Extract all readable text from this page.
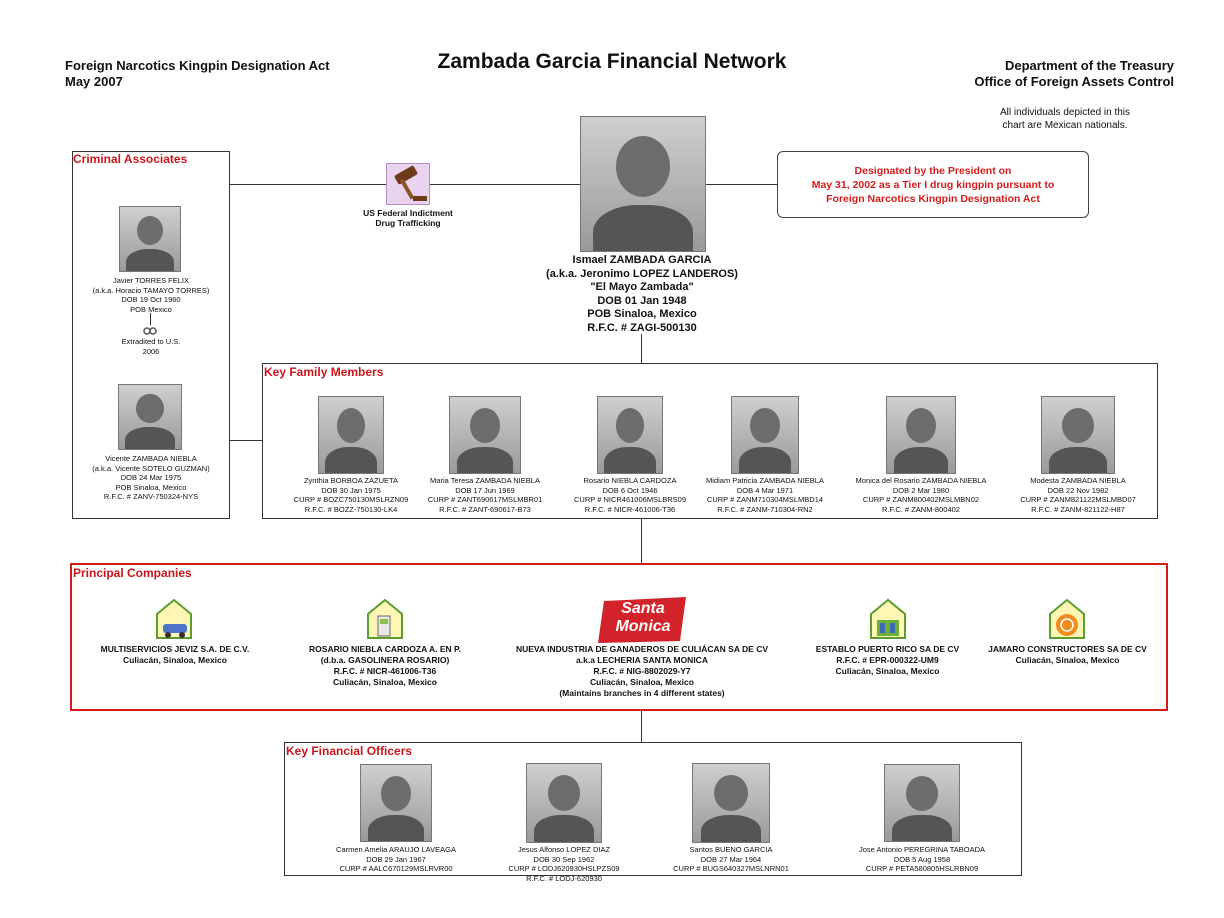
Foreign Narcotics Kingpin Designation Act
May 2007
Zambada Garcia Financial Network	Department of the Treasury
Office of Foreign Assets Control
All individuals depicted in this
chart are Mexican nationals.
Ismael ZAMBADA GARCIA
(a.k.a. Jeronimo LOPEZ LANDEROS)
"El Mayo Zambada"
DOB 01 Jan 1948
POB Sinaloa, Mexico
R.F.C. # ZAGI-500130
US Federal Indictment
Drug Trafficking
Designated by the President on
May 31, 2002 as a Tier I drug kingpin pursuant to
Foreign Narcotics Kingpin Designation Act
Criminal Associates
Javier TORRES FELIX
(a.k.a. Horacio TAMAYO TORRES)
DOB 19 Oct 1960
POB Mexico
Extradited to U.S.
2006
Vicente ZAMBADA NIEBLA
(a.k.a. Vicente SOTELO GUZMAN)
DOB 24 Mar 1975
POB Sinaloa, Mexico
R.F.C. # ZANV-750324-NYS
Key Family Members
Zynthia BORBOA ZAZUETA
DOB 30 Jan 1975
CURP # BOZC750130MSLRZN09
R.F.C. # BOZZ-750130-LK4
Maria Teresa ZAMBADA NIEBLA
DOB 17 Jun 1969
CURP # ZANT690617MSLMBR01
R.F.C. # ZANT-690617-B73
Rosario NIEBLA CARDOZA
DOB 6 Oct 1946
CURP # NICR461006MSLBRS09
R.F.C. # NICR-461006-T36
Midiam Patricia ZAMBADA NIEBLA
DOB 4 Mar 1971
CURP # ZANM710304MSLMBD14
R.F.C. # ZANM-710304-RN2
Monica del Rosario ZAMBADA NIEBLA
DOB 2 Mar 1980
CURP # ZANM800402MSLMBN02
R.F.C. # ZANM-800402
Modesta ZAMBADA NIEBLA
DOB 22 Nov 1982
CURP # ZANM821122MSLMBD07
R.F.C. # ZANM-821122-H87
Principal Companies
Santa
Monica
MULTISERVICIOS JEVIZ S.A. DE C.V.
Culiacán, Sinaloa, Mexico
ROSARIO NIEBLA CARDOZA A. EN P.
(d.b.a. GASOLINERA ROSARIO)
R.F.C. # NICR-461006-T36
Culiacán, Sinaloa, Mexico
NUEVA INDUSTRIA DE GANADEROS DE CULIÁCAN SA DE CV
a.k.a LECHERIA SANTA MONICA
R.F.C. # NIG-8802029-Y7
Culiacán, Sinaloa, Mexico
(Maintains branches in 4 different states)
ESTABLO PUERTO RICO SA DE CV
R.F.C. # EPR-000322-UM9
Culiacán, Sinaloa, Mexico
JAMARO CONSTRUCTORES SA DE CV
Culiacán, Sinaloa, Mexico
Key Financial Officers
Carmen Amelia ARAUJO LAVEAGA
DOB 29 Jan 1967
CURP # AALC670129MSLRVR00
Jesus Alfonso LOPEZ DIAZ
DOB 30 Sep 1962
CURP # LODJ620930HSLPZS09
R.F.C. # LODJ-620930
Santos BUENO GARCIA
DOB 27 Mar 1964
CURP # BUGS640327MSLNRN01
Jose Antonio PEREGRINA TABOADA
DOB 5 Aug 1958
CURP # PETA580805HSLRBN09
